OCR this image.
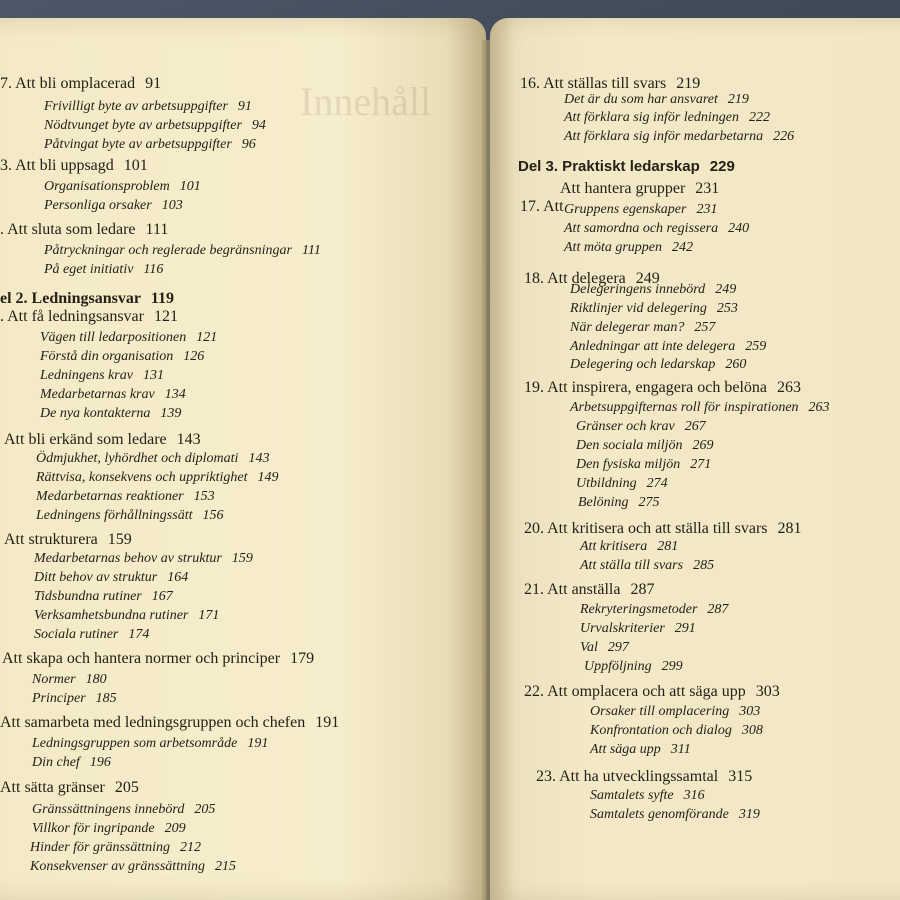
Innehåll
7. Att bli omplacerad 91
Frivilligt byte av arbetsuppgifter 91
Nödtvunget byte av arbetsuppgifter 94
Påtvingat byte av arbetsuppgifter 96
3. Att bli uppsagd 101
Organisationsproblem 101
Personliga orsaker 103
. Att sluta som ledare 111
Påtryckningar och reglerade begränsningar 111
På eget initiativ 116
el 2. Ledningsansvar 119
. Att få ledningsansvar 121
Vägen till ledarpositionen 121
Förstå din organisation 126
Ledningens krav 131
Medarbetarnas krav 134
De nya kontakterna 139
Att bli erkänd som ledare 143
Ödmjukhet, lyhördhet och diplomati 143
Rättvisa, konsekvens och uppriktighet 149
Medarbetarnas reaktioner 153
Ledningens förhållningssätt 156
Att strukturera 159
Medarbetarnas behov av struktur 159
Ditt behov av struktur 164
Tidsbundna rutiner 167
Verksamhetsbundna rutiner 171
Sociala rutiner 174
Att skapa och hantera normer och principer 179
Normer 180
Principer 185
Att samarbeta med ledningsgruppen och chefen 191
Ledningsgruppen som arbetsområde 191
Din chef 196
Att sätta gränser 205
Gränssättningens innebörd 205
Villkor för ingripande 209
Hinder för gränssättning 212
Konsekvenser av gränssättning 215
16. Att ställas till svars 219
Det är du som har ansvaret 219
Att förklara sig inför ledningen 222
Att förklara sig inför medarbetarna 226
Del 3. Praktiskt ledarskap 229
Att hantera grupper 231
17. Att Gruppens egenskaper 231
Att samordna och regissera 240
Att möta gruppen 242
18. Att delegera 249
Delegeringens innebörd 249
Riktlinjer vid delegering 253
När delegerar man? 257
Anledningar att inte delegera 259
Delegering och ledarskap 260
19. Att inspirera, engagera och belöna 263
Arbetsuppgifternas roll för inspirationen 263
Gränser och krav 267
Den sociala miljön 269
Den fysiska miljön 271
Utbildning 274
Belöning 275
20. Att kritisera och att ställa till svars 281
Att kritisera 281
Att ställa till svars 285
21. Att anställa 287
Rekryteringsmetoder 287
Urvalskriterier 291
Val 297
Uppföljning 299
22. Att omplacera och att säga upp 303
Orsaker till omplacering 303
Konfrontation och dialog 308
Att säga upp 311
23. Att ha utvecklingssamtal 315
Samtalets syfte 316
Samtalets genomförande 319
